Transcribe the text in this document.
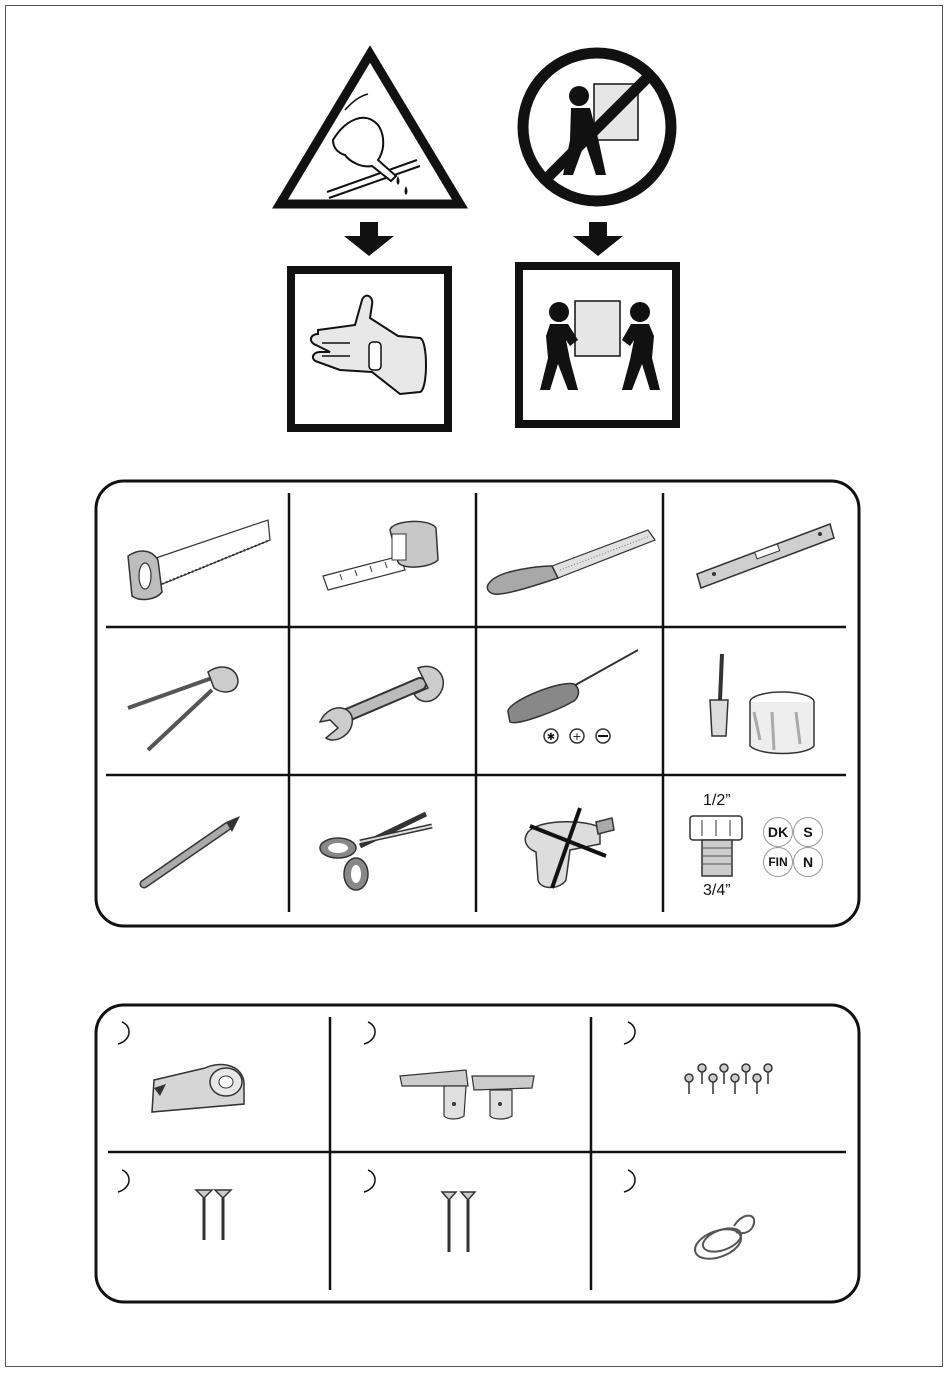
✱ +
1/2”
3/4”
DK	S
FIN	N
